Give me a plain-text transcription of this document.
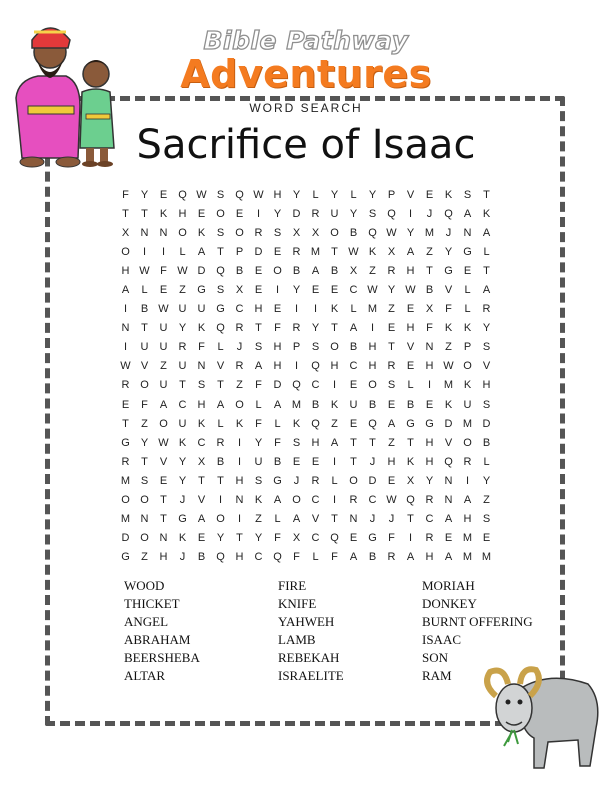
Bible Pathway
Adventures
WORD SEARCH
Sacrifice of Isaac
F	Y	E	Q W S	Q W H	Y	L	Y	L	Y	P	V	E	K	S	T
T	T	K	H	E	O	E	I	Y	D	R	U	Y	S	Q	I	J	Q	A	K
X	N	N O	K	S	O R	S	X	X	O	B	Q W Y M	J	N	A
O	I	I	L	A	T	P	D	E	R M	T W K	X	A	Z	Y	G	L
H W F W D Q	B	E	O	B	A	B	X	Z	R	H	T	G	E	T
A	L	E	Z	G	S	X	E	I	Y	E	E	C W Y W B	V	L	A
I	B W U	U G C	H	E	I	I	K	L	M	Z	E	X	F	L	R
N	T	U	Y	K	Q R	T	F	R	Y	T	A	I	E	H	F	K	K	Y
I	U	U	R	F	L	J	S	H	P	S	O	B	H	T	V	N	Z	P	S
W V	Z	U	N	V	R	A	H	I	Q H	C	H	R	E	H W O	V
R O U	T	S	T	Z	F	D Q C	I	E	O	S	L	I	M K	H
E	F	A	C	H	A	O	L	A M B	K	U	B	E	B	E	K	U	S
T	Z	O U	K	L	K	F	L	K	Q	Z	E	Q	A	G G D M D
G	Y W K	C	R	I	Y	F	S	H	A	T	T	Z	T	H	V	O	B
R	T	V	Y	X	B	I	U	B	E	E	I	T	J	H	K	H Q R	L
M S	E	Y	T	T	H	S	G	J	R	L	O D	E	X	Y	N	I	Y
O O	T	J	V	I	N	K	A	O C	I	R	C W Q R	N	A	Z
M N	T	G	A	O	I	Z	L	A	V	T	N	J	J	T	C	A	H	S
D O N	K	E	Y	T	Y	F	X	C Q	E	G	F	I	R	E M E
G	Z	H	J	B	Q H	C Q	F	L	F	A	B	R	A	H	A M M
WOOD	FIRE	MORIAH
THICKET	KNIFE	DONKEY
ANGEL	YAHWEH	BURNT OFFERING
ABRAHAM	LAMB	ISAAC
BEERSHEBA	REBEKAH	SON
ALTAR	ISRAELITE	RAM
